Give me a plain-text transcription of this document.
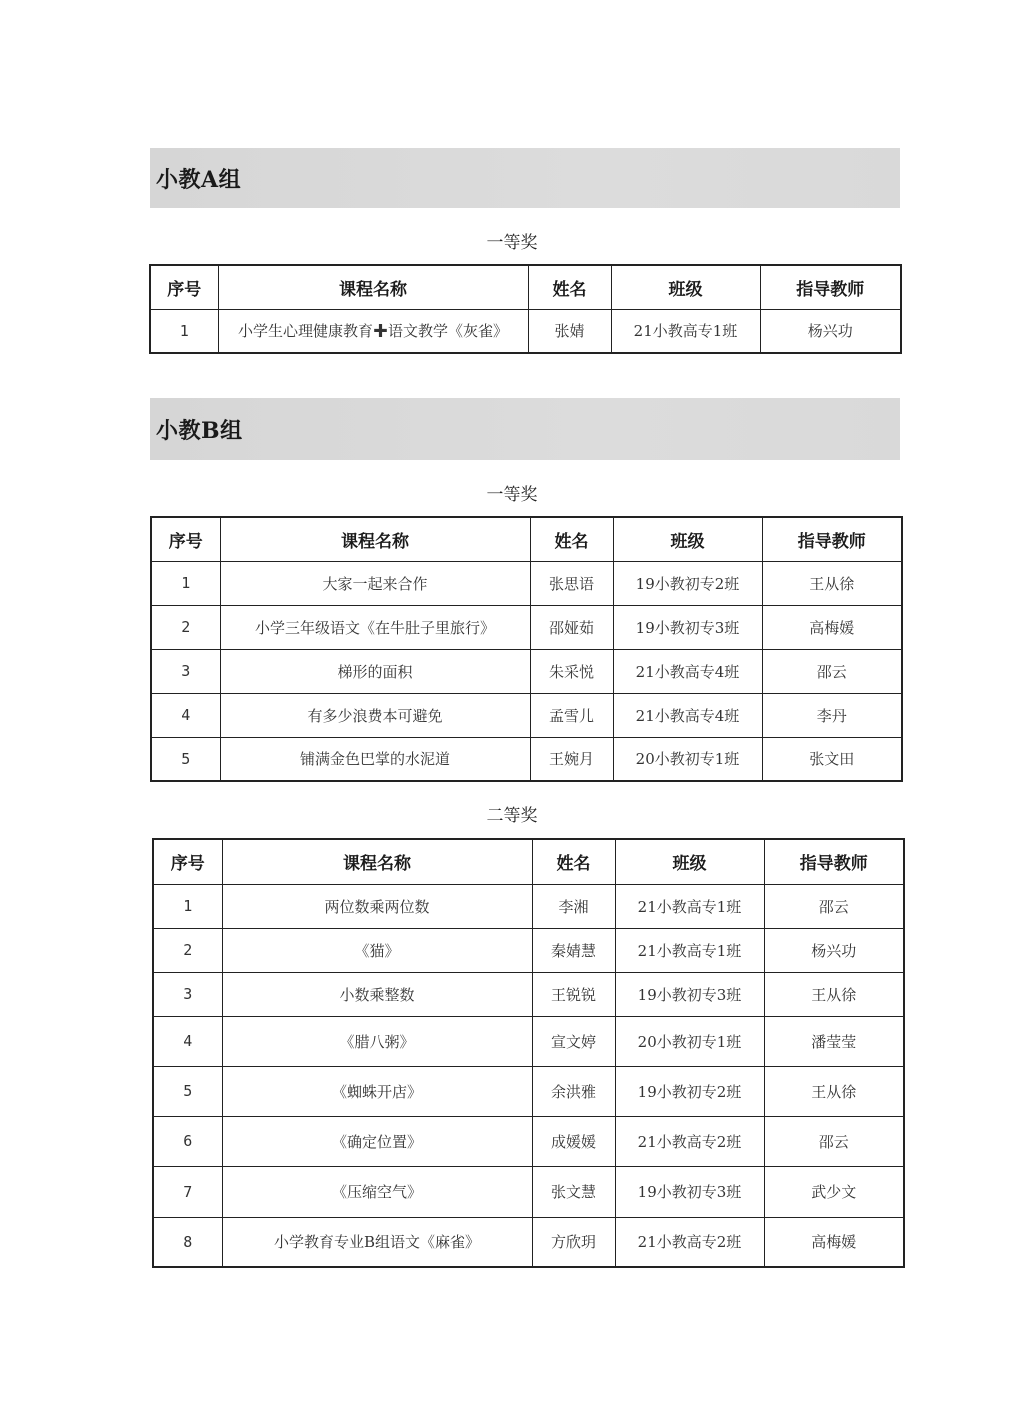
小教A组
一等奖
序号	课程名称	姓名	班级	指导教师
1	小学生心理健康教育✚语文教学《灰雀》	张婧	21小教高专1班	杨兴功
小教B组
一等奖
序号	课程名称	姓名	班级	指导教师
1	大家一起来合作	张思语	19小教初专2班	王从徐
2	小学三年级语文《在牛肚子里旅行》	邵娅茹	19小教初专3班	高梅媛
3	梯形的面积	朱采悦	21小教高专4班	邵云
4	有多少浪费本可避免	孟雪儿	21小教高专4班	李丹
5	铺满金色巴掌的水泥道	王婉月	20小教初专1班	张文田
二等奖
序号	课程名称	姓名	班级	指导教师
1	两位数乘两位数	李湘	21小教高专1班	邵云
2	《猫》	秦婧慧	21小教高专1班	杨兴功
3	小数乘整数	王锐锐	19小教初专3班	王从徐
4	《腊八粥》	宣文婷	20小教初专1班	潘莹莹
5	《蜘蛛开店》	余洪雅	19小教初专2班	王从徐
6	《确定位置》	成媛媛	21小教高专2班	邵云
7	《压缩空气》	张文慧	19小教初专3班	武少文
8	小学教育专业B组语文《麻雀》	方欣玥	21小教高专2班	高梅媛
